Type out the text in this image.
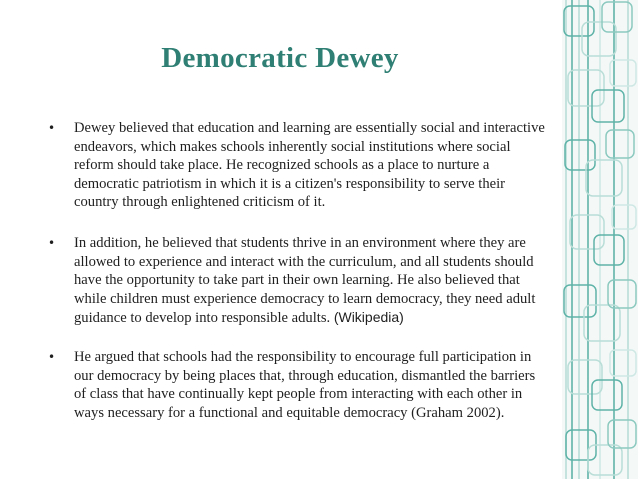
Democratic Dewey
• Dewey believed that education and learning are essentially social and interactive endeavors, which makes schools inherently social institutions where social reform should take place. He recognized schools as a place to nurture a democratic patriotism in which it is a citizen's responsibility to serve their country through enlightened criticism of it.
• In addition, he believed that students thrive in an environment where they are allowed to experience and interact with the curriculum, and all students should have the opportunity to take part in their own learning. He also believed that while children must experience democracy to learn democracy, they need adult guidance to develop into responsible adults. (Wikipedia)
• He argued that schools had the responsibility to encourage full participation in our democracy by being places that, through education, dismantled the barriers of class that have continually kept people from interacting with each other in ways necessary for a functional and equitable democracy (Graham 2002).
